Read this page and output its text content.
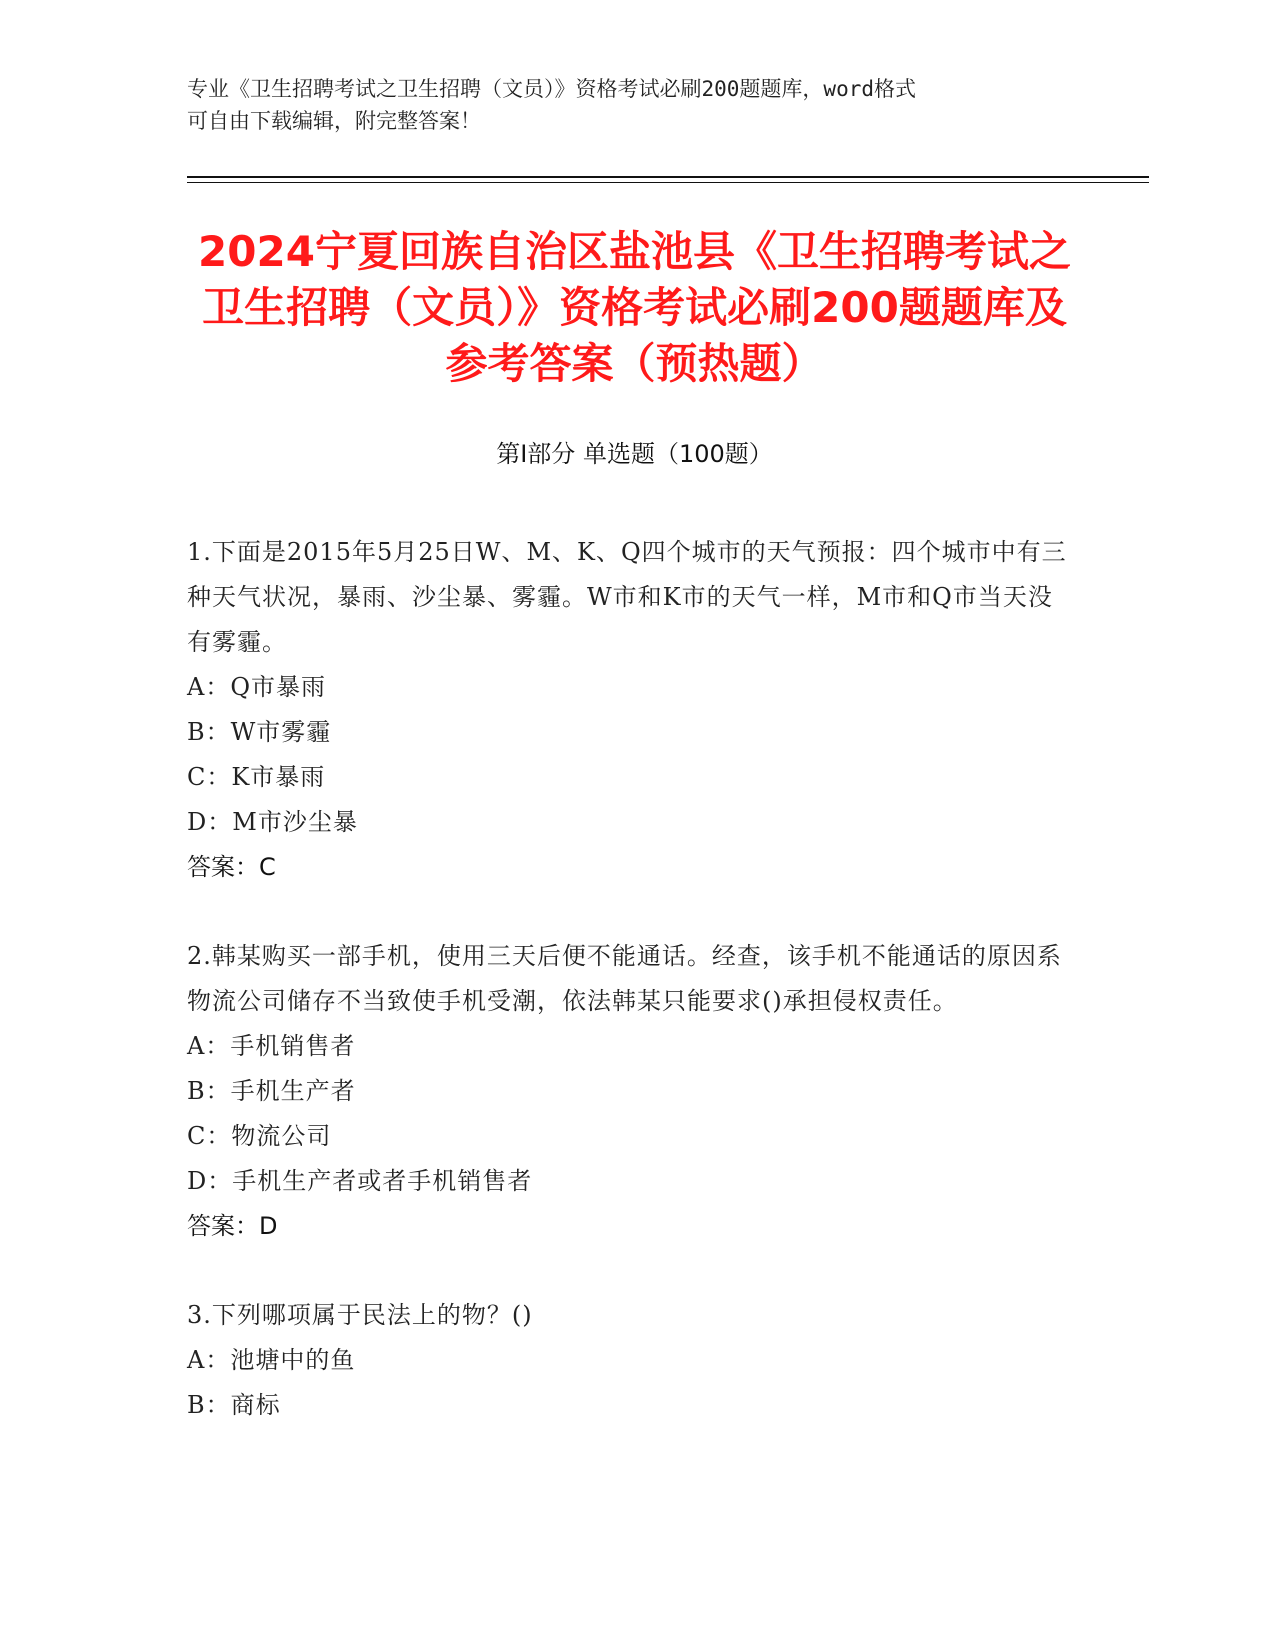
专业《卫生招聘考试之卫生招聘（文员）》资格考试必刷200题题库，word格式

可自由下载编辑，附完整答案！

2024宁夏回族自治区盐池县《卫生招聘考试之卫生招聘（文员）》资格考试必刷200题题库及参考答案（预热题）
第Ⅰ部分 单选题（100题）

1.下面是2015年5月25日W、M、K、Q四个城市的天气预报：四个城市中有三种天气状况，暴雨、沙尘暴、雾霾。W市和K市的天气一样，M市和Q市当天没有雾霾。

A：Q市暴雨

B：W市雾霾

C：K市暴雨

D：M市沙尘暴

答案：C

2.韩某购买一部手机，使用三天后便不能通话。经查，该手机不能通话的原因系物流公司储存不当致使手机受潮，依法韩某只能要求()承担侵权责任。

A：手机销售者

B：手机生产者

C：物流公司

D：手机生产者或者手机销售者

答案：D

3.下列哪项属于民法上的物？()

A：池塘中的鱼

B：商标
